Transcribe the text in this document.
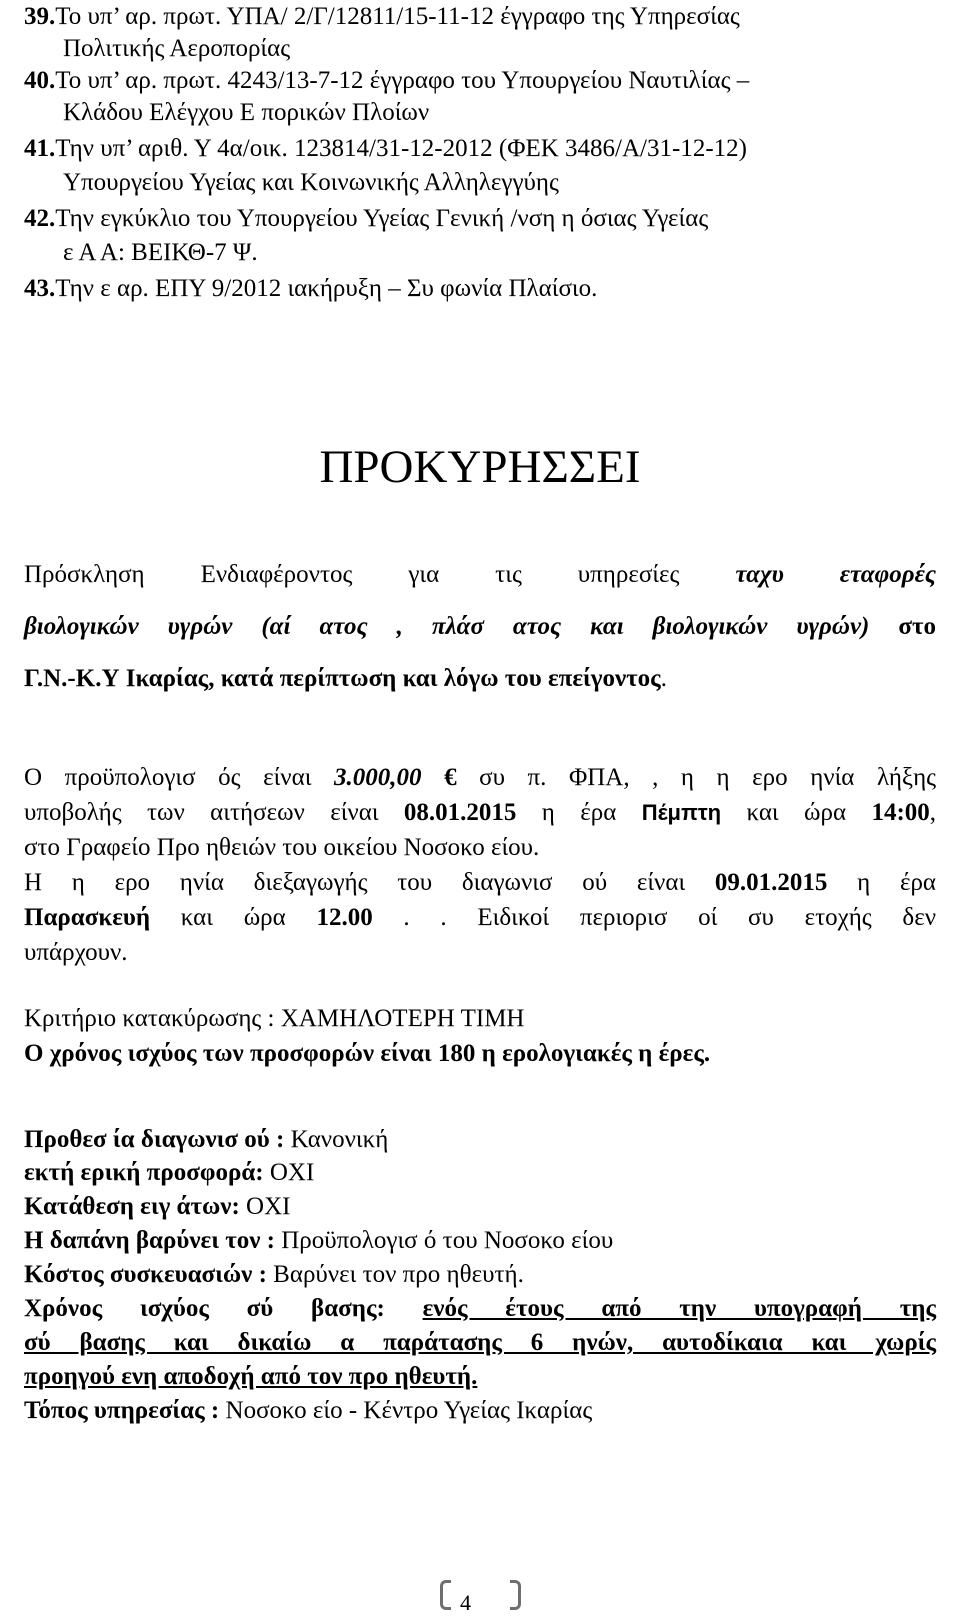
39.Το υπ’ αρ. πρωτ. ΥΠΑ/ 2/Γ/12811/15-11-12 έγγραφο της Υπηρεσίας
Πολιτικής Αεροπορίας
40.Το υπ’ αρ. πρωτ. 4243/13-7-12 έγγραφο του Υπουργείου Ναυτιλίας –
Κλάδου Ελέγχου Ε πορικών Πλοίων
41.Την υπ’ αριθ. Υ 4α/οικ. 123814/31-12-2012 (ΦΕΚ 3486/Α/31-12-12)
Υπουργείου Υγείας και Κοινωνικής Αλληλεγγύης
42.Την εγκύκλιο του Υπουργείου Υγείας Γενική /νση η όσιας Υγείας
ε Α Α: ΒΕΙΚΘ-7 Ψ.
43.Την ε αρ. ΕΠΥ 9/2012 ιακήρυξη – Συ φωνία Πλαίσιο.
ΠΡΟΚΥΡΗΣΣΕΙ
Πρόσκληση Ενδιαφέροντος για τις υπηρεσίες ταχυ εταφορές
βιολογικών υγρών (αί ατος , πλάσ ατος και βιολογικών υγρών) στο
Γ.Ν.-Κ.Υ Ικαρίας, κατά περίπτωση και λόγω του επείγοντος.
Ο προϋπολογισ ός είναι 3.000,00 € συ π. ΦΠΑ, , η η ερο ηνία λήξης
υποβολής των αιτήσεων είναι 08.01.2015 η έρα Πέμπτη και ώρα 14:00,
στο Γραφείο Προ ηθειών του οικείου Νοσοκο είου.
Η η ερο ηνία διεξαγωγής του διαγωνισ ού είναι 09.01.2015 η έρα
Παρασκευή και ώρα 12.00 . . Ειδικοί περιορισ οί συ ετοχής δεν
υπάρχουν.
Κριτήριο κατακύρωσης : ΧΑΜΗΛΟΤΕΡΗ ΤΙΜΗ
Ο χρόνος ισχύος των προσφορών είναι 180 η ερολογιακές η έρες.
Προθεσ ία διαγωνισ ού : Κανονική
εκτή ερική προσφορά: ΟΧΙ
Κατάθεση ειγ άτων: ΟΧΙ
Η δαπάνη βαρύνει τον : Προϋπολογισ ό του Νοσοκο είου
Κόστος συσκευασιών : Βαρύνει τον προ ηθευτή.
Χρόνος ισχύος σύ βασης: ενός έτους από την υπογραφή της
σύ βασης και δικαίω α παράτασης 6 ηνών, αυτοδίκαια και χωρίς
προηγού ενη αποδοχή από τον προ ηθευτή.
Τόπος υπηρεσίας : Νοσοκο είο - Κέντρο Υγείας Ικαρίας
4
